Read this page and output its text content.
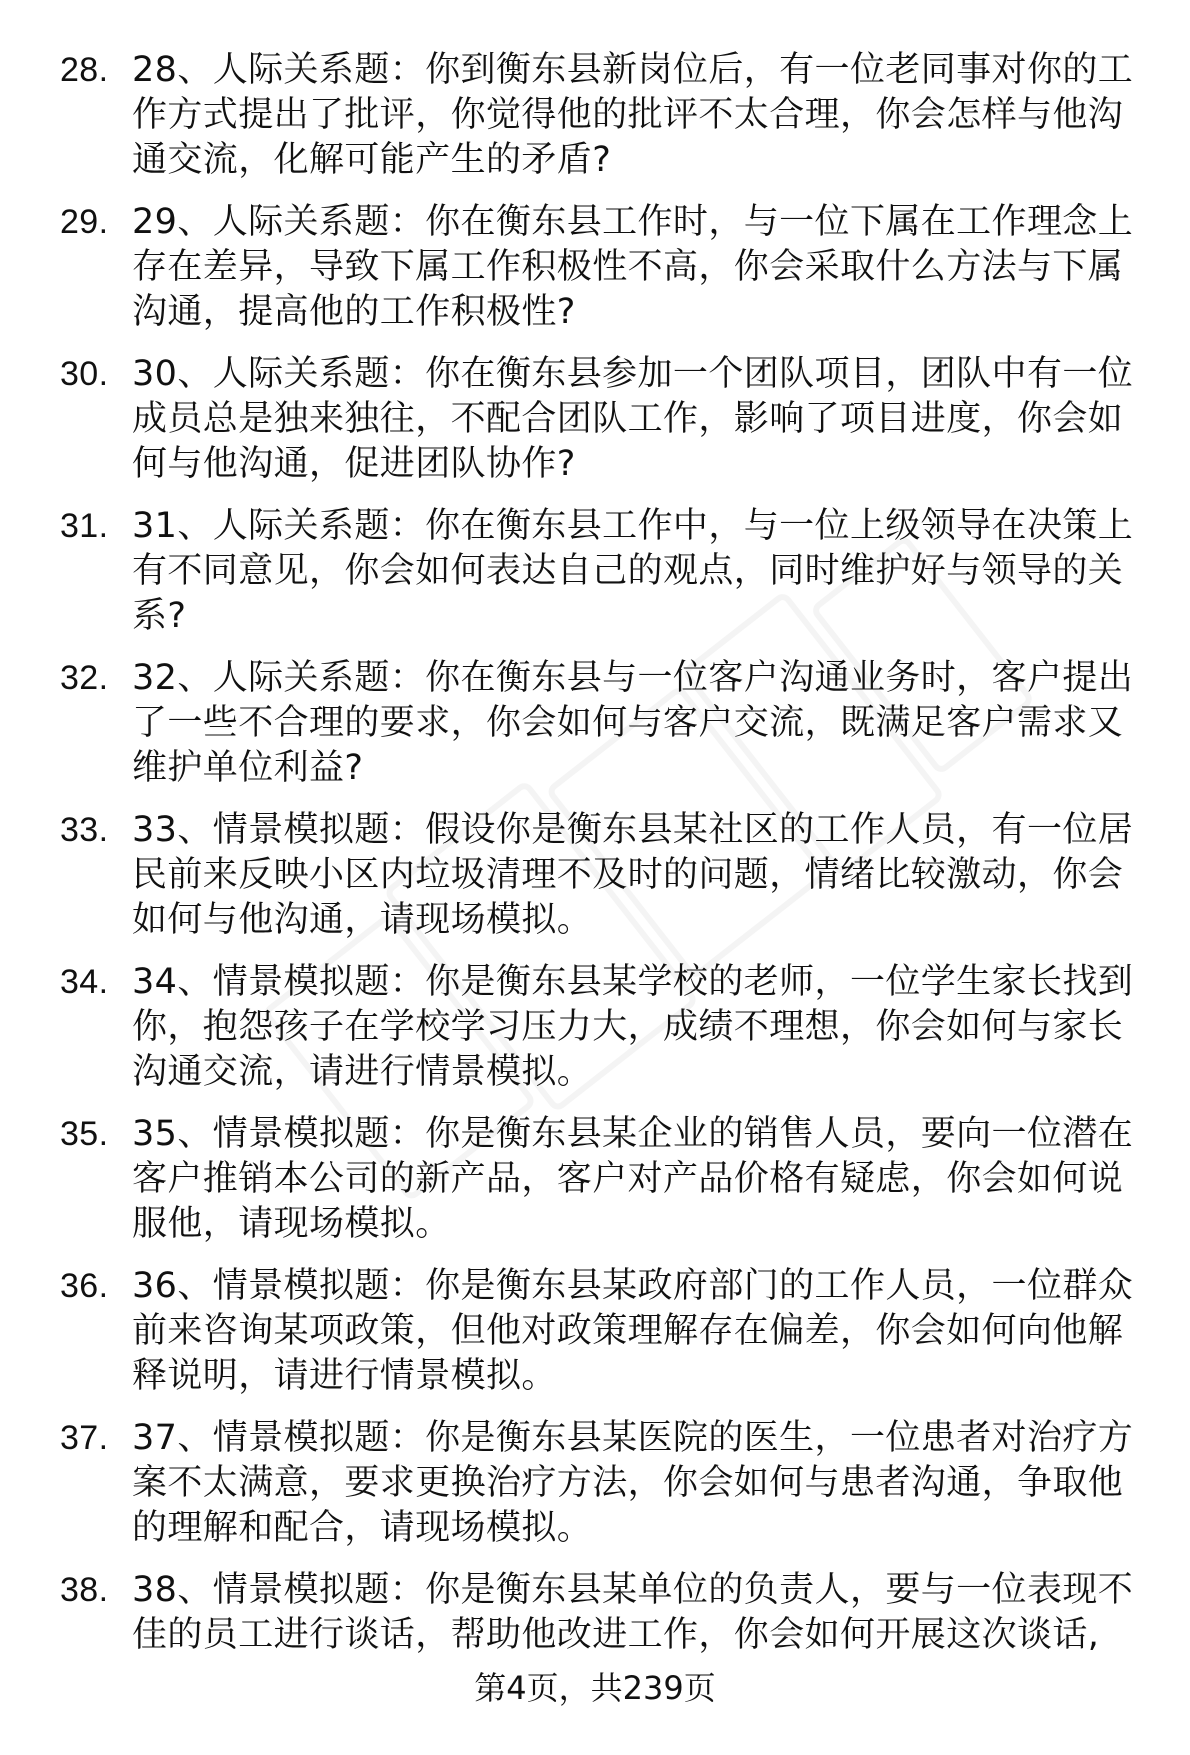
28. 28、人际关系题：你到衡东县新岗位后，有一位老同事对你的工作方式提出了批评，你觉得他的批评不太合理，你会怎样与他沟通交流，化解可能产生的矛盾?
29. 29、人际关系题：你在衡东县工作时，与一位下属在工作理念上存在差异，导致下属工作积极性不高，你会采取什么方法与下属沟通，提高他的工作积极性?
30. 30、人际关系题：你在衡东县参加一个团队项目，团队中有一位成员总是独来独往，不配合团队工作，影响了项目进度，你会如何与他沟通，促进团队协作?
31. 31、人际关系题：你在衡东县工作中，与一位上级领导在决策上有不同意见，你会如何表达自己的观点，同时维护好与领导的关系?
32. 32、人际关系题：你在衡东县与一位客户沟通业务时，客户提出了一些不合理的要求，你会如何与客户交流，既满足客户需求又维护单位利益?
33. 33、情景模拟题：假设你是衡东县某社区的工作人员，有一位居民前来反映小区内垃圾清理不及时的问题，情绪比较激动，你会如何与他沟通，请现场模拟。
34. 34、情景模拟题：你是衡东县某学校的老师，一位学生家长找到你，抱怨孩子在学校学习压力大，成绩不理想，你会如何与家长沟通交流，请进行情景模拟。
35. 35、情景模拟题：你是衡东县某企业的销售人员，要向一位潜在客户推销本公司的新产品，客户对产品价格有疑虑，你会如何说服他，请现场模拟。
36. 36、情景模拟题：你是衡东县某政府部门的工作人员，一位群众前来咨询某项政策，但他对政策理解存在偏差，你会如何向他解释说明，请进行情景模拟。
37. 37、情景模拟题：你是衡东县某医院的医生，一位患者对治疗方案不太满意，要求更换治疗方法，你会如何与患者沟通，争取他的理解和配合，请现场模拟。
38. 38、情景模拟题：你是衡东县某单位的负责人，要与一位表现不佳的员工进行谈话，帮助他改进工作，你会如何开展这次谈话,
第4页，共239页
